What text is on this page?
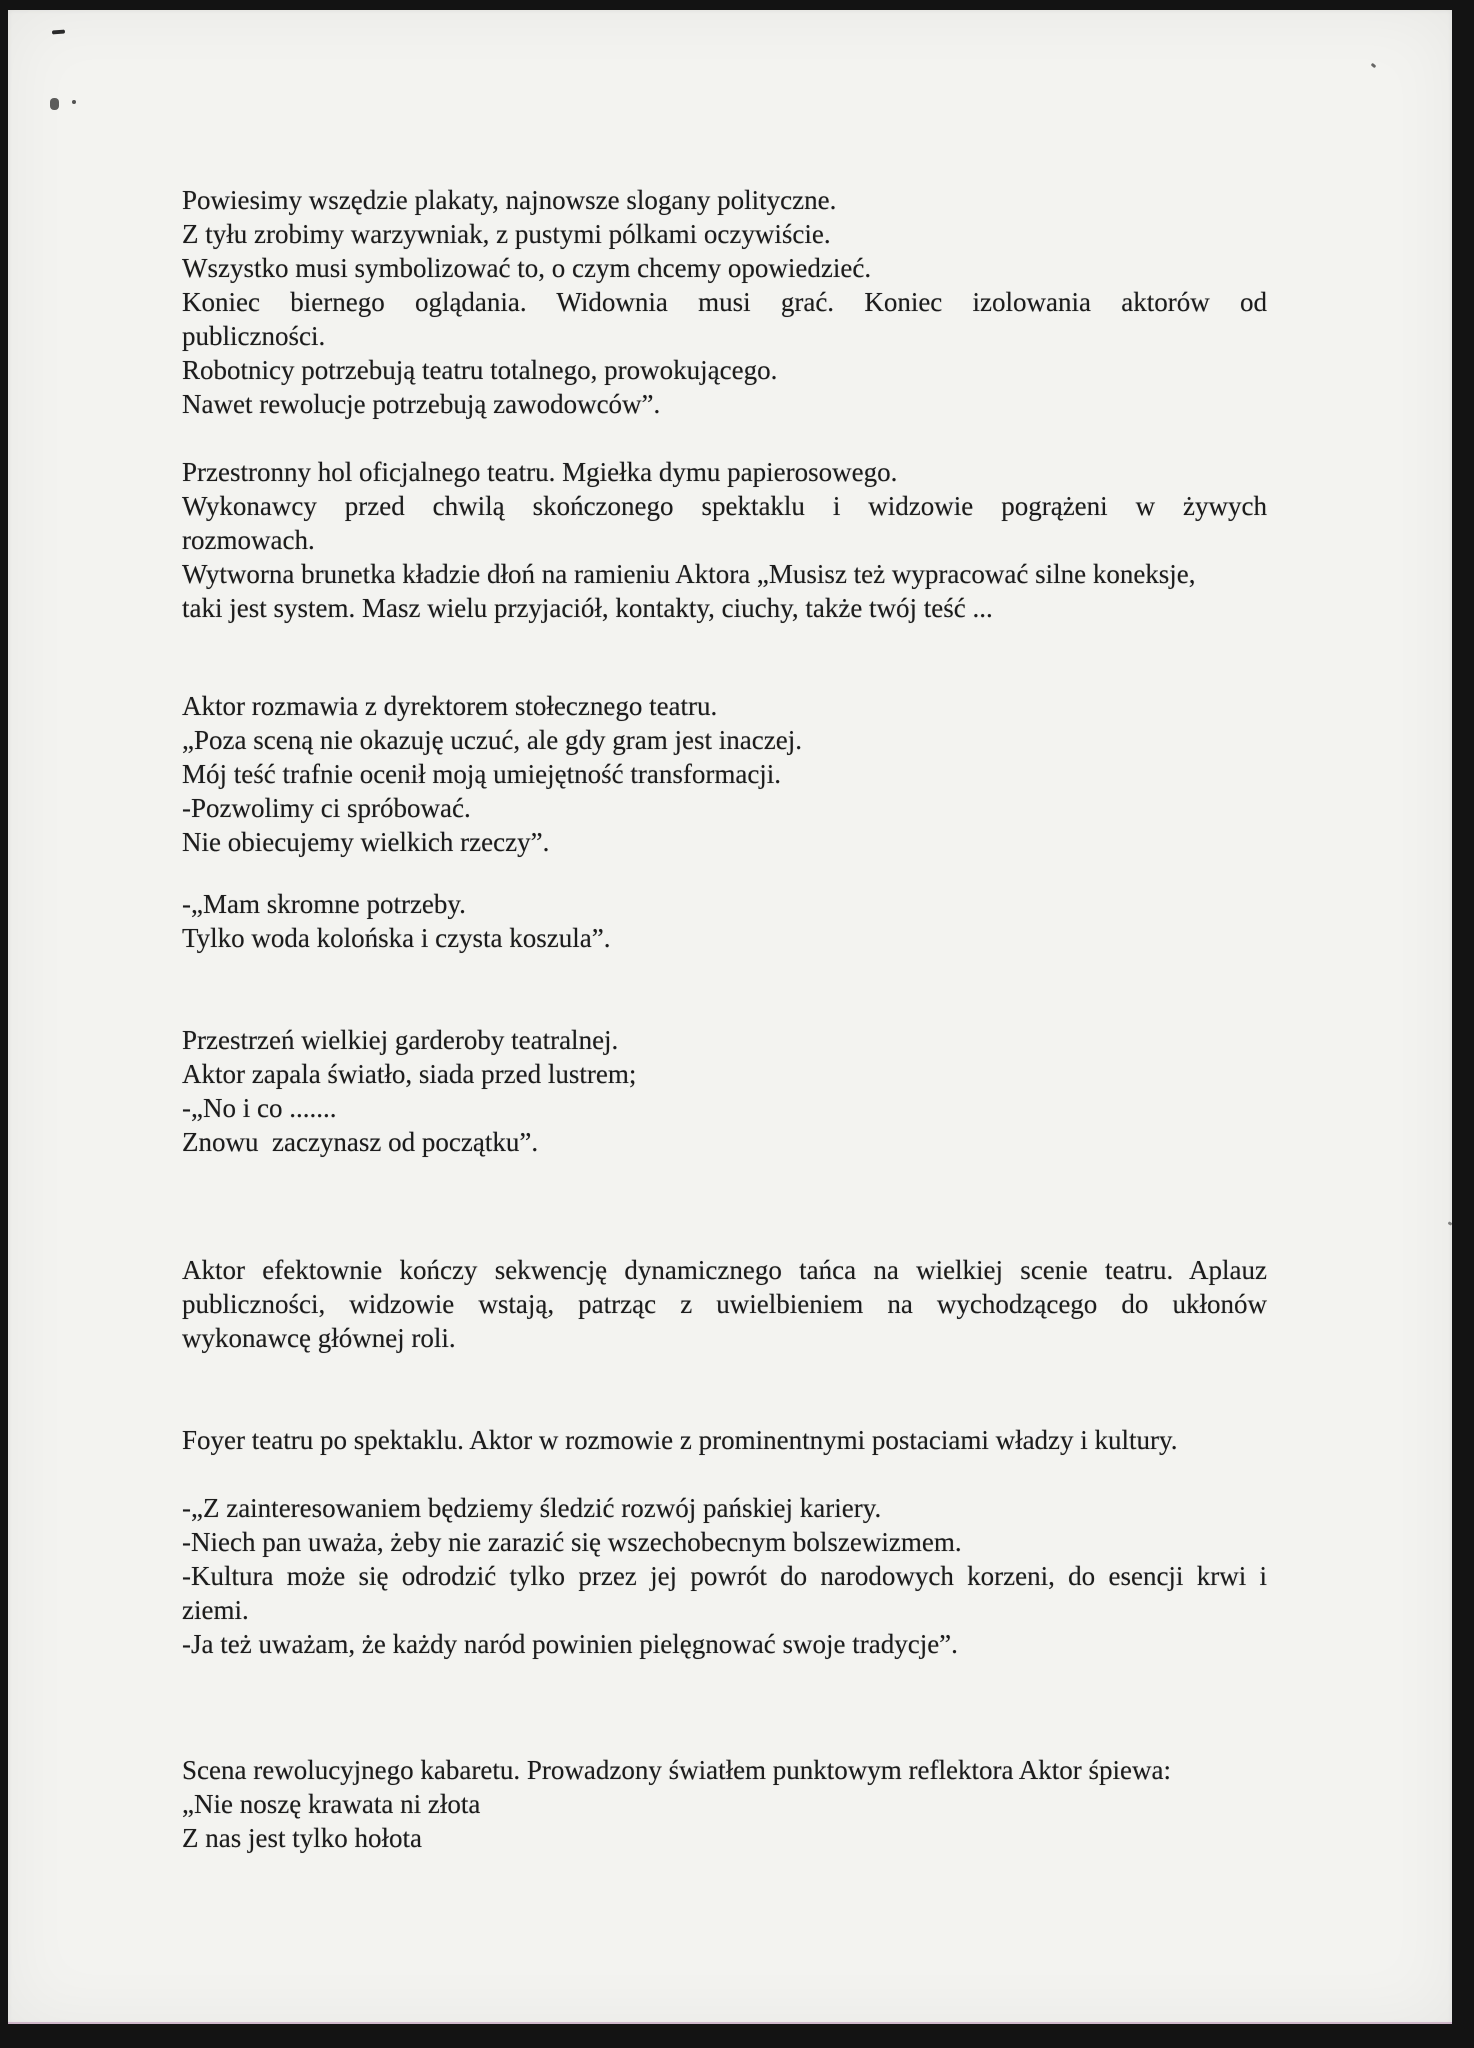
Powiesimy wszędzie plakaty, najnowsze slogany polityczne.

Z tyłu zrobimy warzywniak, z pustymi pólkami oczywiście.

Wszystko musi symbolizować to, o czym chcemy opowiedzieć.

Koniec biernego oglądania. Widownia musi grać. Koniec izolowania aktorów od

publiczności.

Robotnicy potrzebują teatru totalnego, prowokującego.

Nawet rewolucje potrzebują zawodowców”.

Przestronny hol oficjalnego teatru. Mgiełka dymu papierosowego.

Wykonawcy przed chwilą skończonego spektaklu i widzowie pogrążeni w żywych

rozmowach.

Wytworna brunetka kładzie dłoń na ramieniu Aktora „Musisz też wypracować silne koneksje,

taki jest system. Masz wielu przyjaciół, kontakty, ciuchy, także twój teść ...

Aktor rozmawia z dyrektorem stołecznego teatru.

„Poza sceną nie okazuję uczuć, ale gdy gram jest inaczej.

Mój teść trafnie ocenił moją umiejętność transformacji.

-Pozwolimy ci spróbować.

Nie obiecujemy wielkich rzeczy”.

-„Mam skromne potrzeby.

Tylko woda kolońska i czysta koszula”.

Przestrzeń wielkiej garderoby teatralnej.

Aktor zapala światło, siada przed lustrem;

-„No i co .......

Znowu  zaczynasz od początku”.

Aktor efektownie kończy sekwencję dynamicznego tańca na wielkiej scenie teatru. Aplauz

publiczności, widzowie wstają, patrząc z uwielbieniem na wychodzącego do ukłonów

wykonawcę głównej roli.

Foyer teatru po spektaklu. Aktor w rozmowie z prominentnymi postaciami władzy i kultury.

-„Z zainteresowaniem będziemy śledzić rozwój pańskiej kariery.

-Niech pan uważa, żeby nie zarazić się wszechobecnym bolszewizmem.

-Kultura może się odrodzić tylko przez jej powrót do narodowych korzeni, do esencji krwi i

ziemi.

-Ja też uważam, że każdy naród powinien pielęgnować swoje tradycje”.

Scena rewolucyjnego kabaretu. Prowadzony światłem punktowym reflektora Aktor śpiewa:

„Nie noszę krawata ni złota

Z nas jest tylko hołota
